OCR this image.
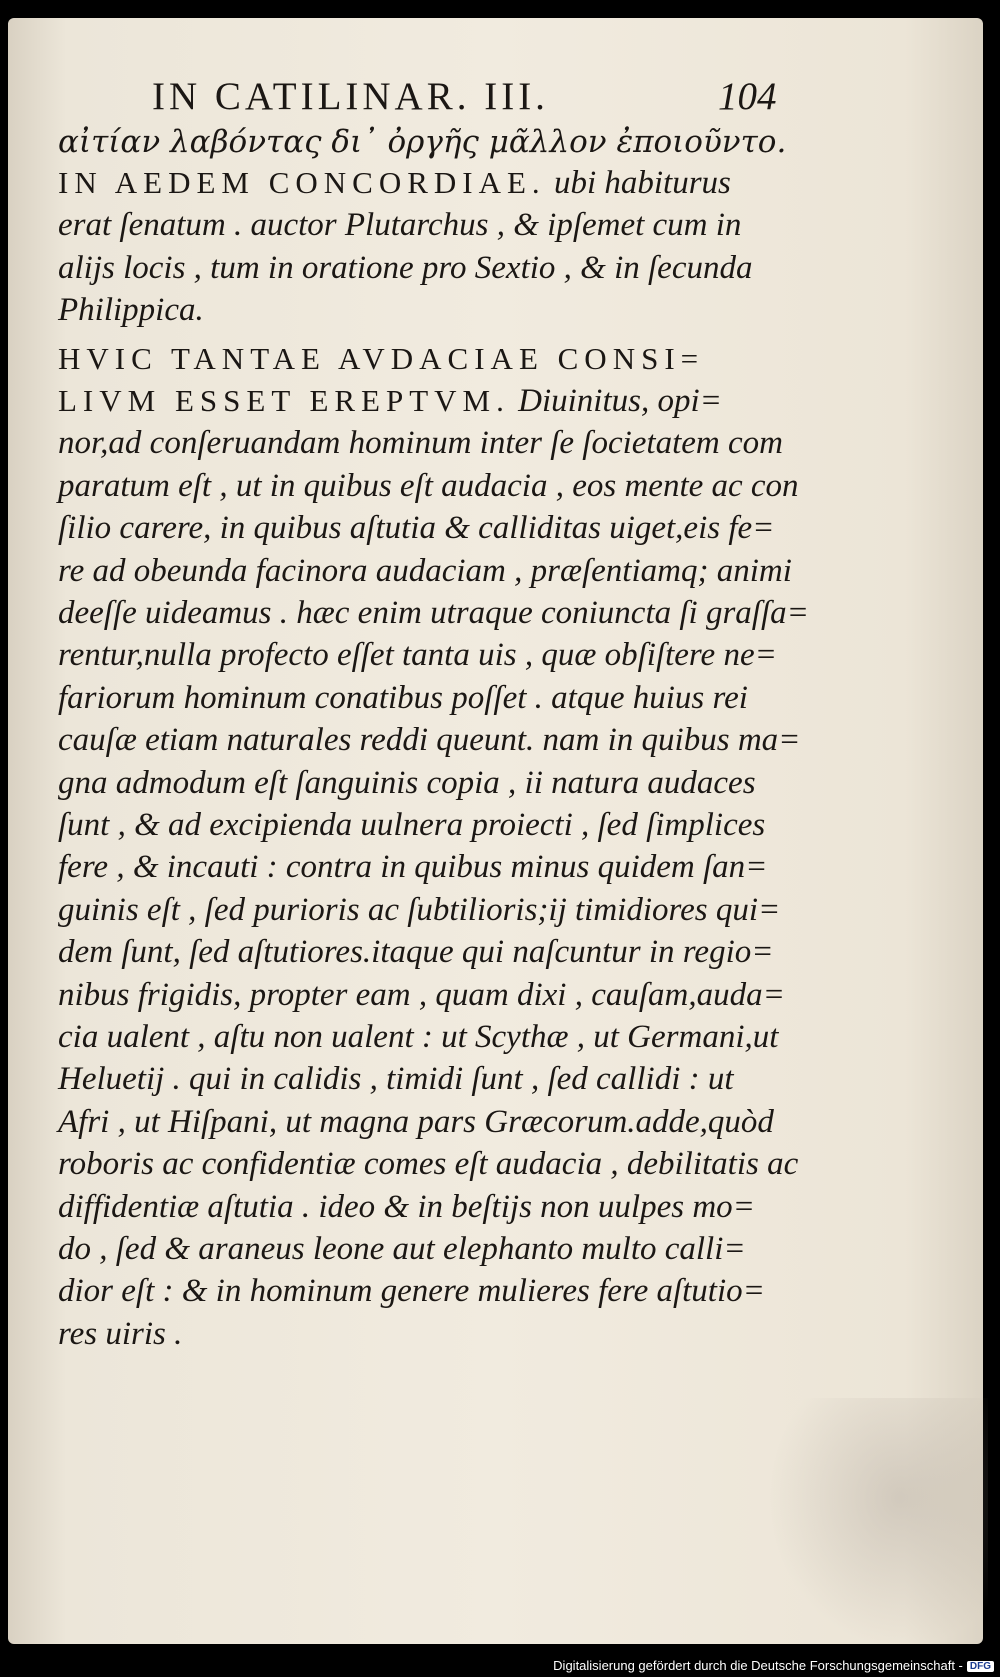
IN CATILINAR. III.	104
αἰτίαν λαβόντας δι᾽ ὀργῆς μᾶλλον ἐποιοῦντο.
IN AEDEM CONCORDIAE. ubi habiturus
erat ſenatum . auctor Plutarchus , & ipſemet cum in
alijs locis , tum in oratione pro Sextio , & in ſecunda
Philippica.
HVIC TANTAE AVDACIAE CONSI=
LIVM ESSET EREPTVM. Diuinitus, opi=
nor,ad conſeruandam hominum inter ſe ſocietatem com
paratum eſt , ut in quibus eſt audacia , eos mente ac con
ſilio carere, in quibus aſtutia & calliditas uiget,eis fe=
re ad obeunda facinora audaciam , præſentiamq; animi
deeſſe uideamus . hæc enim utraque coniuncta ſi graſſa=
rentur,nulla profecto eſſet tanta uis , quæ obſiſtere ne=
fariorum hominum conatibus poſſet . atque huius rei
cauſæ etiam naturales reddi queunt. nam in quibus ma=
gna admodum eſt ſanguinis copia , ii natura audaces
ſunt , & ad excipienda uulnera proiecti , ſed ſimplices
fere , & incauti : contra in quibus minus quidem ſan=
guinis eſt , ſed purioris ac ſubtilioris;ij timidiores qui=
dem ſunt, ſed aſtutiores.itaque qui naſcuntur in regio=
nibus frigidis, propter eam , quam dixi , cauſam,auda=
cia ualent , aſtu non ualent : ut Scythæ , ut Germani,ut
Heluetij . qui in calidis , timidi ſunt , ſed callidi : ut
Afri , ut Hiſpani, ut magna pars Græcorum.adde,quòd
roboris ac confidentiæ comes eſt audacia , debilitatis ac
diffidentiæ aſtutia . ideo & in beſtijs non uulpes mo=
do , ſed & araneus leone aut elephanto multo calli=
dior eſt : & in hominum genere mulieres fere aſtutio=
res uiris .
Digitalisierung gefördert durch die Deutsche Forschungsgemeinschaft - DFG
